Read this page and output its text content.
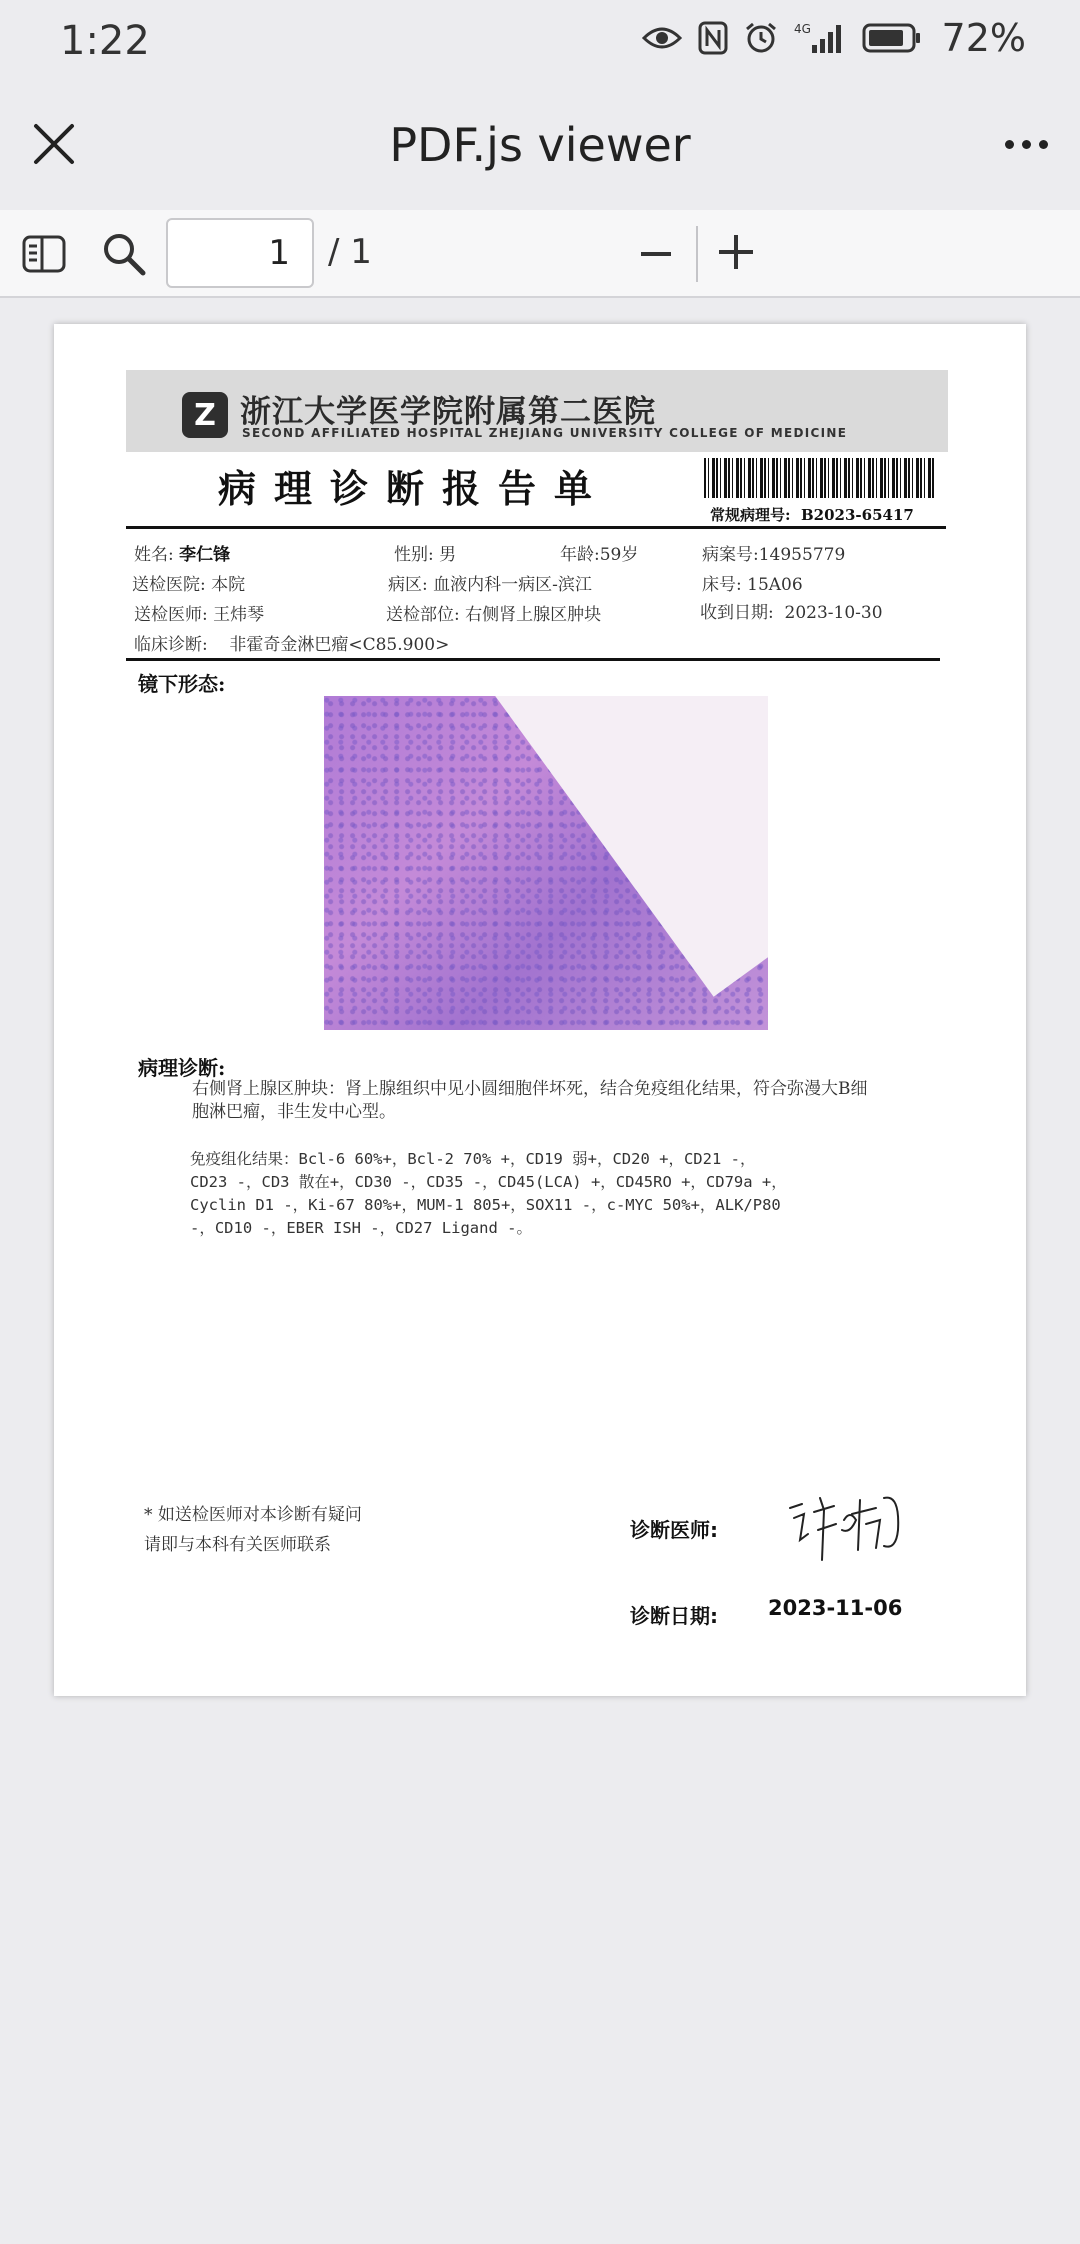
1:22	4G	72%
PDF.js viewer
1
/ 1
Z 浙江大学医学院附属第二医院
SECOND AFFILIATED HOSPITAL ZHEJIANG UNIVERSITY COLLEGE OF MEDICINE
病理诊断报告单
常规病理号: B2023-65417
姓名: 李仁锋	性别: 男	年龄:59岁	病案号:14955779
送检医院: 本院	病区: 血液内科一病区-滨江	床号: 15A06
送检医师: 王炜琴	送检部位: 右侧肾上腺区肿块	收到日期: 2023-10-30
临床诊断: 非霍奇金淋巴瘤<C85.900>
镜下形态:
病理诊断:
右侧肾上腺区肿块：肾上腺组织中见小圆细胞伴坏死，结合免疫组化结果，符合弥漫大B细胞淋巴瘤，非生发中心型。
免疫组化结果：Bcl-6 60%+，Bcl-2 70% +，CD19 弱+，CD20 +，CD21 -，
CD23 -，CD3 散在+，CD30 -，CD35 -，CD45(LCA) +，CD45RO +，CD79a +，
Cyclin D1 -，Ki-67 80%+，MUM-1 805+，SOX11 -，c-MYC 50%+，ALK/P80
-，CD10 -，EBER ISH -，CD27 Ligand -。
* 如送检医师对本诊断有疑问
请即与本科有关医师联系
诊断医师:
诊断日期: 2023-11-06
